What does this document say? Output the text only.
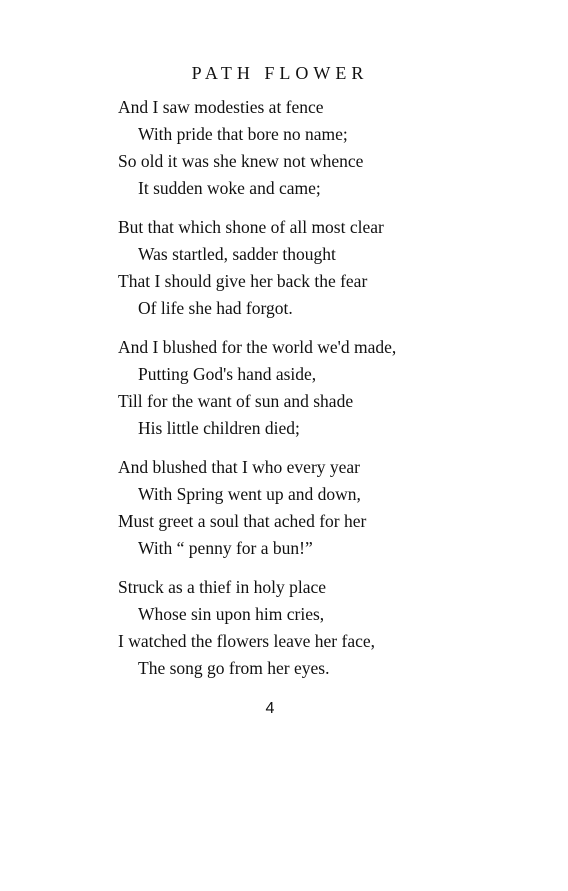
PATH FLOWER
And I saw modesties at fence
With pride that bore no name;
So old it was she knew not whence
It sudden woke and came;
But that which shone of all most clear
Was startled, sadder thought
That I should give her back the fear
Of life she had forgot.
And I blushed for the world we'd made,
Putting God's hand aside,
Till for the want of sun and shade
His little children died;
And blushed that I who every year
With Spring went up and down,
Must greet a soul that ached for her
With “ penny for a bun!”
Struck as a thief in holy place
Whose sin upon him cries,
I watched the flowers leave her face,
The song go from her eyes.
4
